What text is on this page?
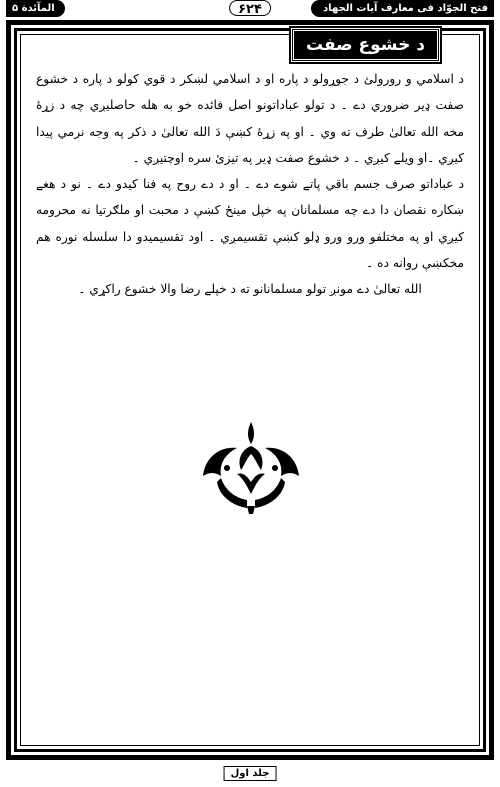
المآئدة ۵	۶۲۴	فتح الجوّاد فی معارف آیات الجهاد
د خشوع صفت

د اسلامي و رورولئ د جوړولو د پاره او د اسلامي لښکر د قوي کولو د پاره د خشوع صفت ډير ضروري دے ۔ د تولو عباداتونو اصل فائده خو به هله حاصليږي چه د زړهٔ مخه الله تعالیٰ طرف ته وي ۔ او په زړهٔ کښې دَ الله تعالیٰ د ذکر په وجه نرمي پيدا کيږي ۔او ويلے کيږي ۔ د خشوع صفت ډير په تيزئ سره اوچتيږي ۔

د عباداتو صرف جسم باقي پاتے شوے دے ۔ او د دے روح په فنا کيدو دے ۔ نو د هغے ښکاره نقصان دا دے چه مسلمانان په خپل مينځ کښې د محبت او ملګرتيا نه محرومه کيږي او په مختلفو ورو ورو ډلو کښې تقسيمږي ۔ اود تقسيميدو دا سلسله نوره هم مخکښې روانه ده ۔

الله تعالیٰ دے مونږ تولو مسلمانانو ته د خپلے رضا والا خشوع راکړي ۔

جلد اول
